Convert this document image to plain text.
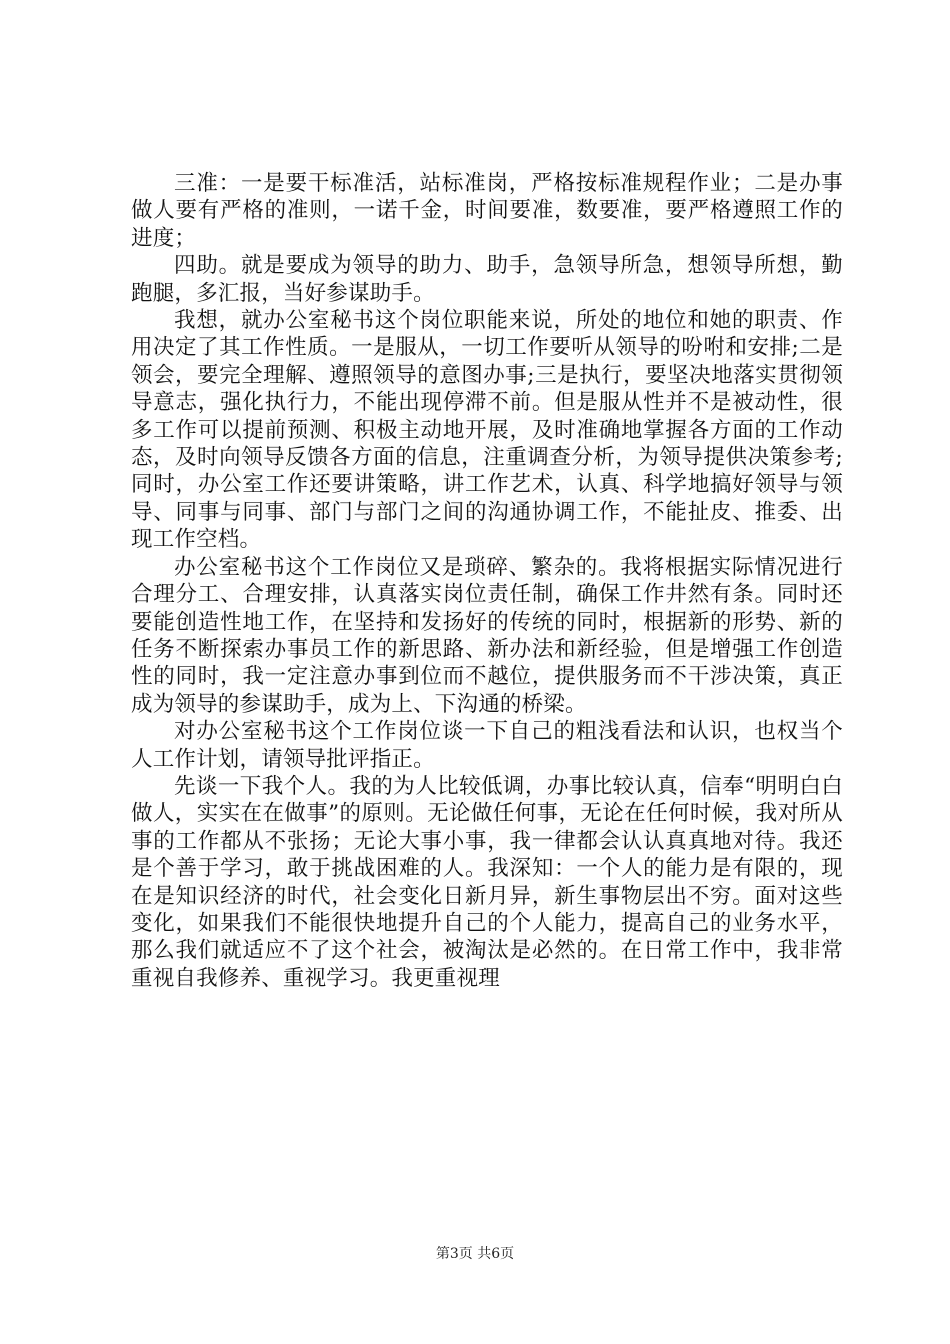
三准：一是要干标准活，站标准岗，严格按标准规程作业；二是办事做人要有严格的准则，一诺千金，时间要准，数要准，要严格遵照工作的进度；

四助。就是要成为领导的助力、助手，急领导所急，想领导所想，勤跑腿，多汇报，当好参谋助手。

我想，就办公室秘书这个岗位职能来说，所处的地位和她的职责、作用决定了其工作性质。一是服从，一切工作要听从领导的吩咐和安排;二是领会，要完全理解、遵照领导的意图办事;三是执行，要坚决地落实贯彻领导意志，强化执行力，不能出现停滞不前。但是服从性并不是被动性，很多工作可以提前预测、积极主动地开展，及时准确地掌握各方面的工作动态，及时向领导反馈各方面的信息，注重调查分析，为领导提供决策参考;同时，办公室工作还要讲策略，讲工作艺术，认真、科学地搞好领导与领导、同事与同事、部门与部门之间的沟通协调工作，不能扯皮、推委、出现工作空档。

办公室秘书这个工作岗位又是琐碎、繁杂的。我将根据实际情况进行合理分工、合理安排，认真落实岗位责任制，确保工作井然有条。同时还要能创造性地工作，在坚持和发扬好的传统的同时，根据新的形势、新的任务不断探索办事员工作的新思路、新办法和新经验，但是增强工作创造性的同时，我一定注意办事到位而不越位，提供服务而不干涉决策，真正成为领导的参谋助手，成为上、下沟通的桥梁。

对办公室秘书这个工作岗位谈一下自己的粗浅看法和认识，也权当个人工作计划，请领导批评指正。

先谈一下我个人。我的为人比较低调，办事比较认真，信奉“明明白白做人，实实在在做事”的原则。无论做任何事，无论在任何时候，我对所从事的工作都从不张扬；无论大事小事，我一律都会认认真真地对待。我还是个善于学习，敢于挑战困难的人。我深知：一个人的能力是有限的，现在是知识经济的时代，社会变化日新月异，新生事物层出不穷。面对这些变化，如果我们不能很快地提升自己的个人能力，提高自己的业务水平，那么我们就适应不了这个社会，被淘汰是必然的。在日常工作中，我非常重视自我修养、重视学习。我更重视理

第3页 共6页
